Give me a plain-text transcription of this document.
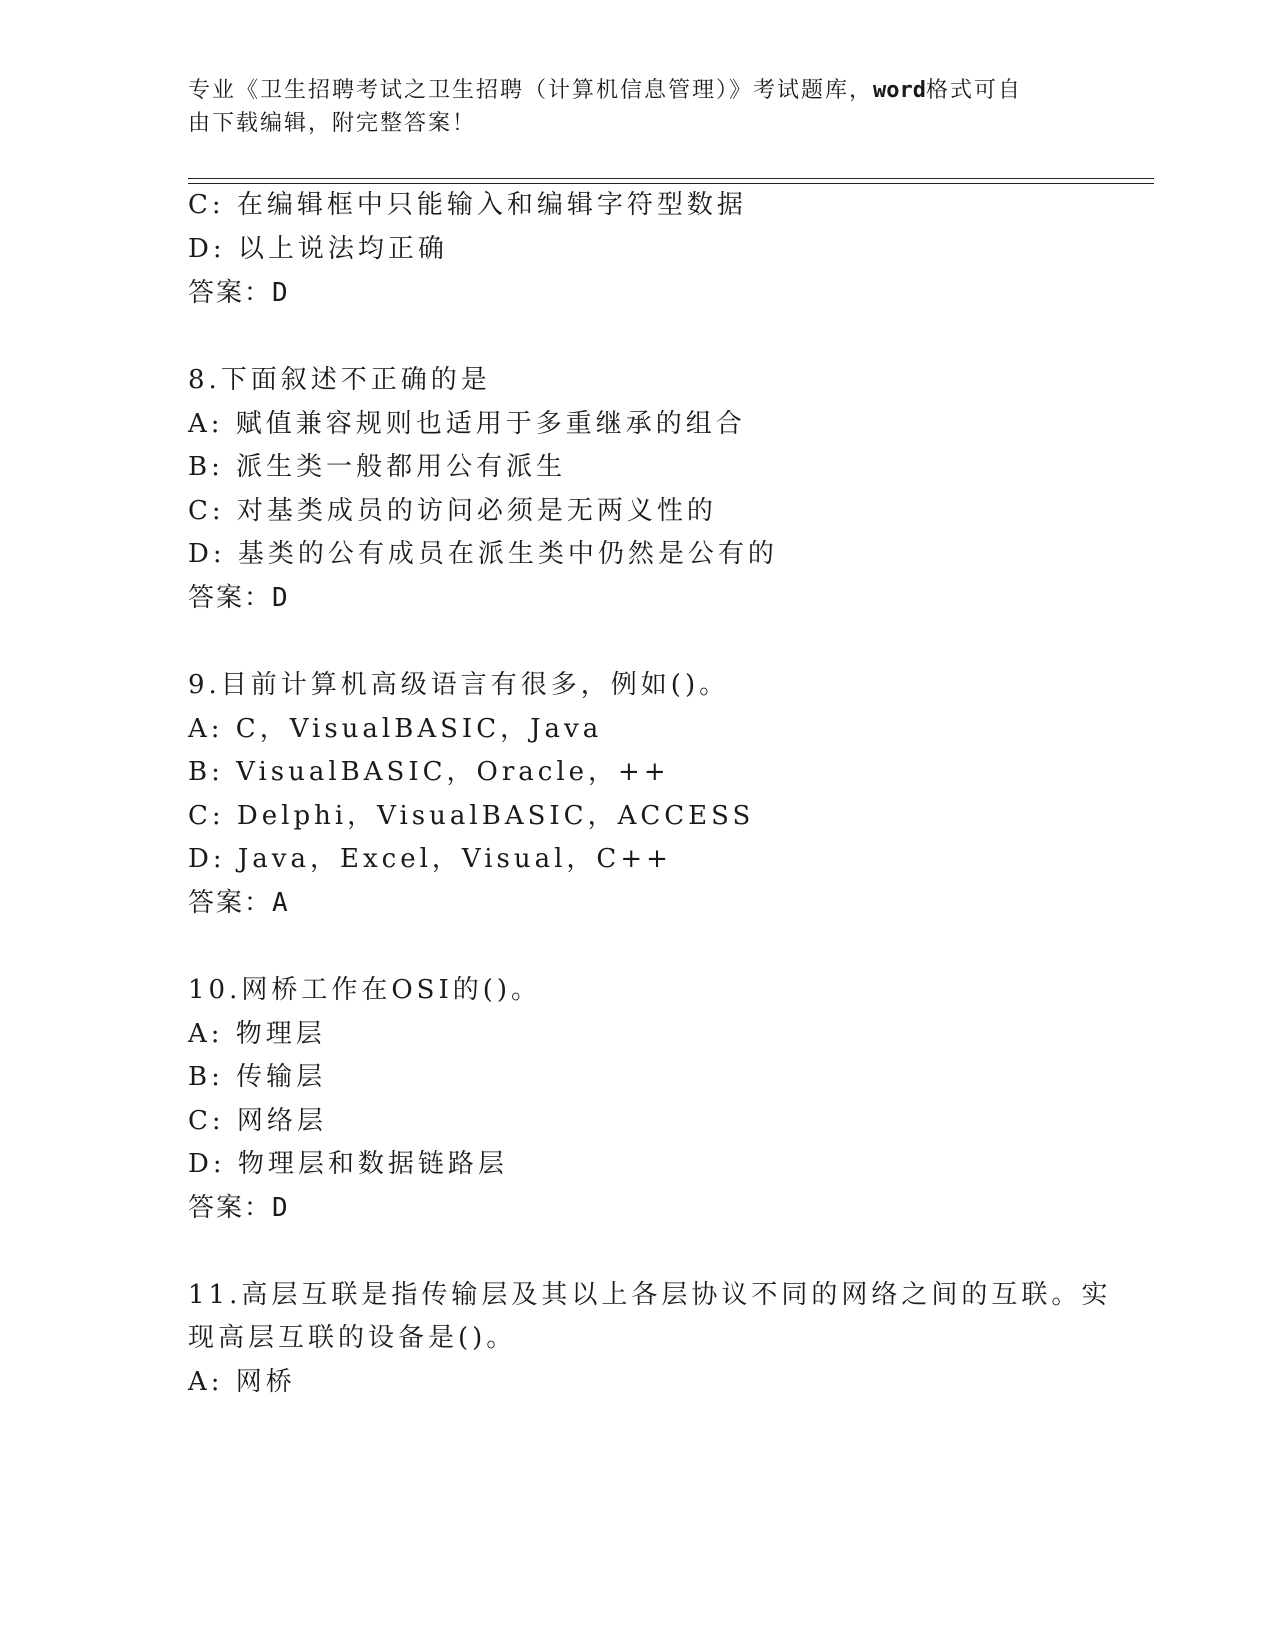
专业《卫生招聘考试之卫生招聘（计算机信息管理）》考试题库，word格式可自
由下载编辑，附完整答案！
C: 在编辑框中只能输入和编辑字符型数据
D: 以上说法均正确
答案：D
8.下面叙述不正确的是
A: 赋值兼容规则也适用于多重继承的组合
B: 派生类一般都用公有派生
C: 对基类成员的访问必须是无两义性的
D: 基类的公有成员在派生类中仍然是公有的
答案：D
9.目前计算机高级语言有很多，例如()。
A: C，VisualBASIC，Java
B: VisualBASIC，Oracle，++
C: Delphi，VisualBASIC，ACCESS
D: Java，Excel，Visual，C++
答案：A
10.网桥工作在OSI的()。
A: 物理层
B: 传输层
C: 网络层
D: 物理层和数据链路层
答案：D
11.高层互联是指传输层及其以上各层协议不同的网络之间的互联。实
现高层互联的设备是()。
A: 网桥
